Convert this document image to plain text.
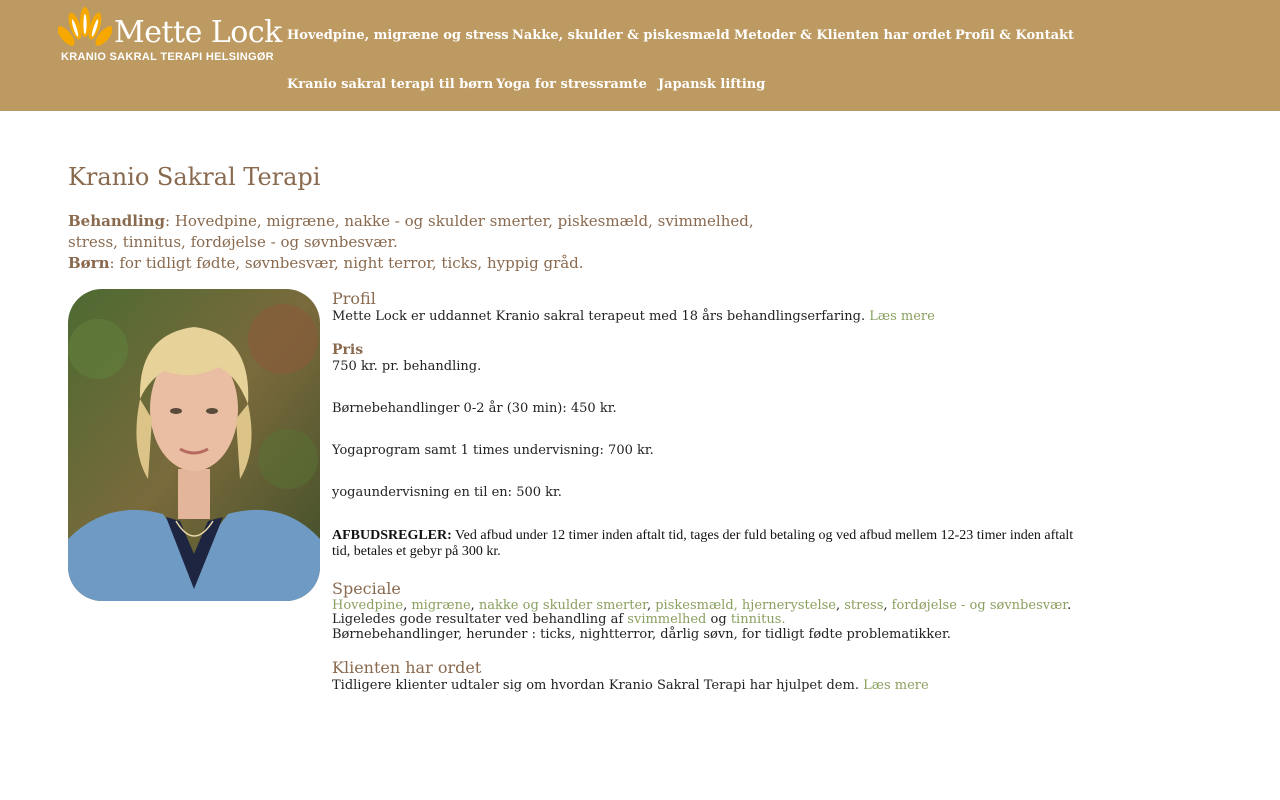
Mette Lock
KRANIO SAKRAL TERAPI HELSINGØR
Hovedpine, migræne og stress Nakke, skulder & piskesmæld Metoder & Klienten har ordet Profil & Kontakt
Kranio sakral terapi til børn Yoga for stressramte Japansk lifting
Kranio Sakral Terapi
Behandling: Hovedpine, migræne, nakke - og skulder smerter, piskesmæld, svimmelhed, stress, tinnitus, fordøjelse - og søvnbesvær.
Børn: for tidligt fødte, søvnbesvær, night terror, ticks, hyppig gråd.
Profil
Mette Lock er uddannet Kranio sakral terapeut med 18 års behandlingserfaring. Læs mere
Pris
750 kr. pr. behandling.
Børnebehandlinger 0-2 år (30 min): 450 kr.
Yogaprogram samt 1 times undervisning: 700 kr.
yogaundervisning en til en: 500 kr.
AFBUDSREGLER: Ved afbud under 12 timer inden aftalt tid, tages der fuld betaling og ved afbud mellem 12-23 timer inden aftalt tid, betales et gebyr på 300 kr.
Speciale
Hovedpine, migræne, nakke og skulder smerter, piskesmæld, hjernerystelse, stress, fordøjelse - og søvnbesvær. Ligeledes gode resultater ved behandling af svimmelhed og tinnitus.
Børnebehandlinger, herunder : ticks, nightterror, dårlig søvn, for tidligt fødte problematikker.
Klienten har ordet
Tidligere klienter udtaler sig om hvordan Kranio Sakral Terapi har hjulpet dem. Læs mere
